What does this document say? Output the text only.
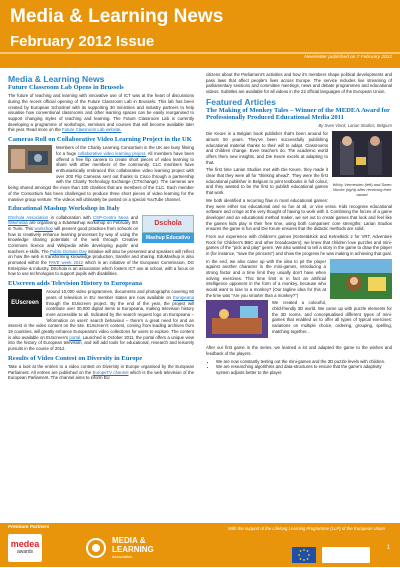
Media & Learning News
February 2012 Issue
Newsletter published on 7 February 2012
Media & Learning News
Future Classroom Lab Opens in Brussels

The future of teaching and learning with innovative use of ICT was at the heart of discussions during the recent official opening of the Future Classroom Lab in Brussels. This lab has been created by European Schoolnet with its supporting 30 ministries and industry partners to help visualise how conventional classrooms and other learning spaces can be easily reorganised to support changing styles of teaching and learning. The Future Classroom Lab is currently developing a programme of workshops, seminars and courses that will become available later this year. Read more on the Future Classroom Lab website.

Cameras Roll on Collaborative Video Learning Project in the UK

Members of the Charity Learning Consortium in the UK are busy filming for a huge collaborative video learning project. All members have been offered a free flip camera to create short pieces of video learning to share with other members of the community. CLC members have enthusiastically embraced this collaborative video learning project with over 200 Flip Cameras sent out thanks to Cisco through a partnership with the Charity Technology Exchange (CTXchange). The cameras are being shared amongst the more than 100 charities that are members of the CLC. Each member of the Consortium has been challenged to produce three short pieces of video learning for the massive group venture. The videos will ultimately be posted on a special YouTube channel.

Educational Mashup Workshop in Italy
Dschola
Mashup Educativo

DSchola Association in collaboration with CSP-Centro Nexa and Wikimedia are organising a EduMashup workshop on February 9th in Turin. This workshop will present good practices from schools on how to creatively enhance learning processes by way of using the knowledge sharing potentials of the web through Creative Commons licence and Wikipedia while developing pupils' and teachers e-skills. The Public Domain Day initiative will also be presented and speakers will reflect on how the web is transforming knowledge production, transfer and sharing. EduMashup is also promoted within the PAVE week 2012 which is an initiative of the European Commission, DG Enterprise & Industry. DSchola is an association which fosters ICT use at school, with a focus on how to use technologies to support pupils with disabilities.

EUscreen adds Television History to Europeana
EUscreen

Around 10,000 video programmes, documents and photographs covering 60 years of television in EU member states are now available on Europeana through the EUscreen project. By the end of the year, the project will contribute over 30,000 digital items to Europeana, making television history more accessible to all. Indicated by the search request logo on Europeana – 'information on users' search behaviour – there's a great need for and an interest in the video content on the site. EUscreen's content, coming from leading archives from 19 countries, will greatly enhance Europeana's video collections for users to explore. The content is also available on EUscreen's portal. Launched in October 2011, the portal offers a unique view into the history of European television, and will add tools for educational, research and leisurely pursuits in the course of 2012.

Results of Video Contest on Diversity in Europe

Take a look at the entries to a video contest on Diversity in Europe organised by the European Parliament. All entries are published on the EuropeTV channel which is the web television of the European Parliament. The channel aims to inform EU

citizens about the Parliament's activities and how it's members shape political developments and pass laws that affect people's lives across Europe. The service includes live streaming of parliamentary sessions and committee meetings, news and debate programmes and educational videos. Subtitles are available for all videos in the 22 official languages of the European Union.

Featured Articles
The Making of Monkey Tales – Winner of the MEDEA Award for Professionally Produced Educational Media 2011
By Sven Vinck, Larian Studios, Belgium
Wicky Vermeulen (left) and Swen Vincke (right) after receiving their award

Die Keure is a Belgian book publisher that's been around for almost 50 years. They've been successfully publishing educational material thanks to their will to adapt. Classrooms and children change. Even teachers do. The academic world offers them new insights, and Die Keure excels at adapting to that.

The first time Larian Studios met with Die Keure, they made it clear that they were all for "thinking ahead". They were the first educational publisher in Belgium to print textbooks in full colour, and they wanted to be the first to publish educational games that work.

We both identified a recurring flaw in most educational games: they were either too educational and no fun at all, or vice versa. Kids recognise educational software and cringe at the very thought of having to work with it. Combining the forces of a game developer and an educational method maker, we set out to create games that look and feel like the games kids play in their free time, using both companies' core strengths: Larian Studios ensures the game is fun and Die Keure ensures that the didactic methods are solid.

From our experience with children's games (Ketnet&Kick and Ketnetkick 2 for VRT, Adventure Rock for Children's BBC and other broadcasters), we knew that children love puzzles and mini-games of the "pick and play" genre. We also wanted to tell a story in the game to draw the player in (for instance, "save the princess") and show the progress he was making in achieving that goal.

In the end, we also came up with the idea to pit the player against another character in the mini-games, introducing a strong factor and a time limit they usually don't have when solving exercises. This time limit is in fact an artificial intelligence opponent in the form of a monkey, because who would want to lose to a monkey? (Our tagline idea for this at the time was "Are you smarter than a monkey?")

We created a colourful, child-friendly 3D world. We came up with puzzle elements for the 3D rooms, and conceptualised different types of mini-games that enabled us to offer all types of typical exercises: variations on multiple choice, ordering, grouping, spelling, matching together...

After our first game in the series, we learned a lot and adapted the game to the wishes and feedback of the players.

• We are now constantly testing out the mini-games and the 3D puzzle levels with children.
• We are researching algorithms and data-structures to ensure that the game's adaptivity system adjusts better to the player.
Premium Partners
medea
awards
MEDIA &
LEARNING
Association
With the support of the Lifelong Learning Programme (LLP) of the European Union
1
